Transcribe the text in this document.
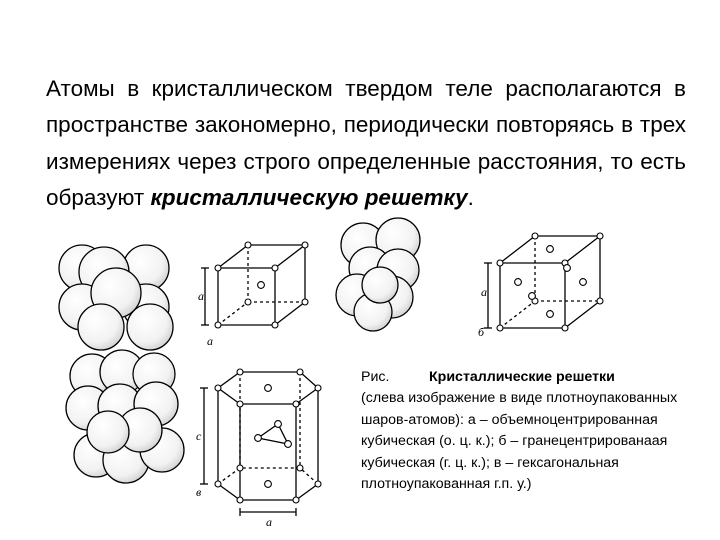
Атомы в кристаллическом твердом теле располагаются в пространстве закономерно, периодически повторяясь в трех измерениях через строго определенные расстояния, то есть образуют кристаллическую решетку.

a
а
a
б
c
a
в
Рис.	Кристаллические решетки
(слева изображение в виде плотноупакованных шаров-атомов): а – объемноцентрированная кубическая (о. ц. к.); б – гранецентрированаая кубическая (г. ц. к.); в – гексагональная плотноупакованная г.п. у.)
